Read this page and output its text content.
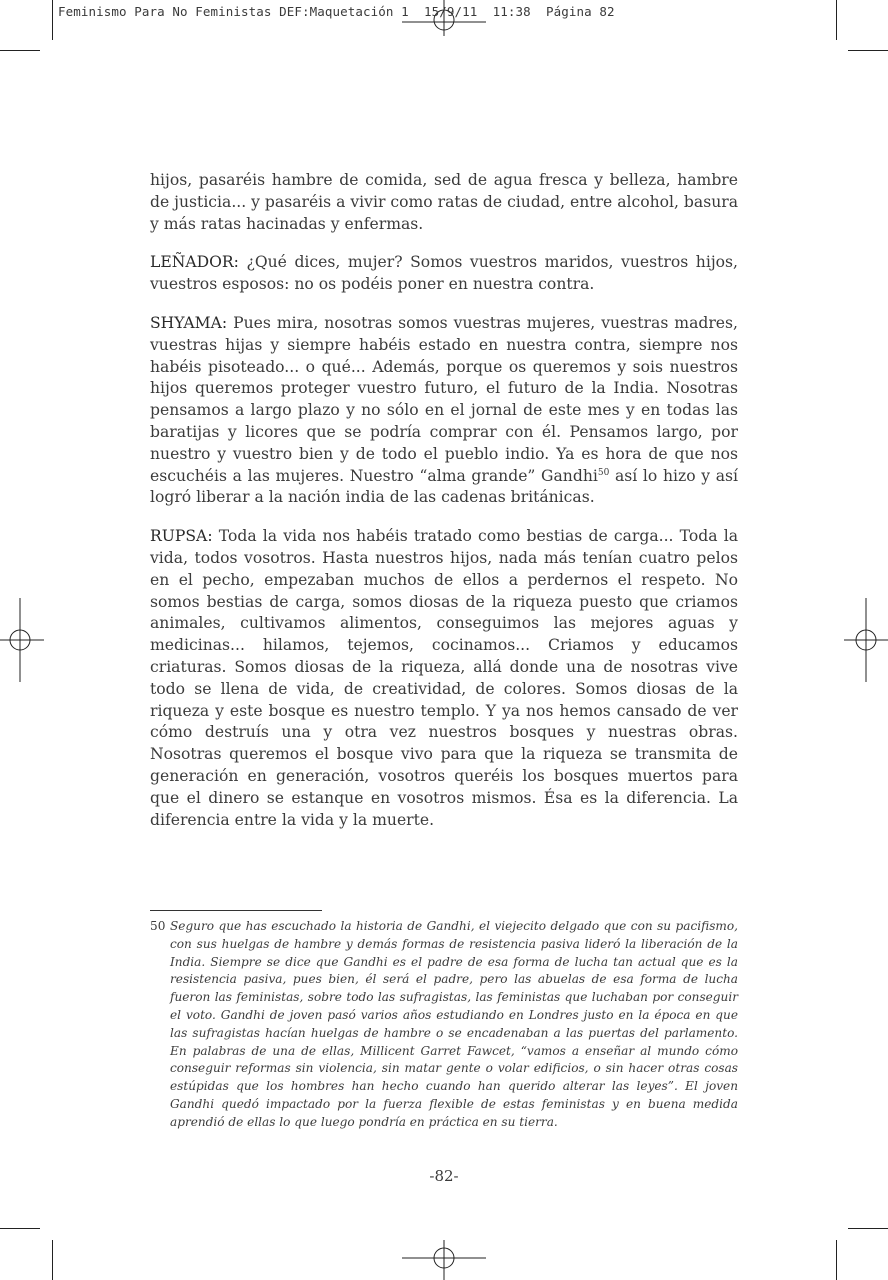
Feminismo Para No Feministas DEF:Maquetación 1  15/9/11  11:38  Página 82

hijos, pasaréis hambre de comida, sed de agua fresca y belleza, hambre de justicia... y pasaréis a vivir como ratas de ciudad, entre alcohol, basura y más ratas hacinadas y enfermas.

LEÑADOR: ¿Qué dices, mujer? Somos vuestros maridos, vuestros hijos, vuestros esposos: no os podéis poner en nuestra contra.

SHYAMA: Pues mira, nosotras somos vuestras mujeres, vuestras madres, vuestras hijas y siempre habéis estado en nuestra contra, siempre nos habéis pisoteado... o qué... Además, porque os queremos y sois nuestros hijos queremos proteger vuestro futuro, el futuro de la India. Nosotras pensamos a largo plazo y no sólo en el jornal de este mes y en todas las baratijas y licores que se podría comprar con él. Pensamos largo, por nuestro y vuestro bien y de todo el pueblo indio. Ya es hora de que nos escuchéis a las mujeres. Nuestro “alma grande” Gandhi$^{50}$ así lo hizo y así logró liberar a la nación india de las cadenas británicas.

RUPSA: Toda la vida nos habéis tratado como bestias de carga... Toda la vida, todos vosotros. Hasta nuestros hijos, nada más tenían cuatro pelos en el pecho, empezaban muchos de ellos a perdernos el respeto. No somos bestias de carga, somos diosas de la riqueza puesto que criamos animales, cultivamos alimentos, conseguimos las mejores aguas y medicinas... hilamos, tejemos, cocinamos... Criamos y educamos criaturas. Somos diosas de la riqueza, allá donde una de nosotras vive todo se llena de vida, de creatividad, de colores. Somos diosas de la riqueza y este bosque es nuestro templo. Y ya nos hemos cansado de ver cómo destruís una y otra vez nuestros bosques y nuestras obras. Nosotras queremos el bosque vivo para que la riqueza se transmita de generación en generación, vosotros queréis los bosques muertos para que el dinero se estanque en vosotros mismos. Ésa es la diferencia. La diferencia entre la vida y la muerte.

50 Seguro que has escuchado la historia de Gandhi, el viejecito delgado que con su pacifismo, con sus huelgas de hambre y demás formas de resistencia pasiva lideró la liberación de la India. Siempre se dice que Gandhi es el padre de esa forma de lucha tan actual que es la resistencia pasiva, pues bien, él será el padre, pero las abuelas de esa forma de lucha fueron las feministas, sobre todo las sufragistas, las feministas que luchaban por conseguir el voto. Gandhi de joven pasó varios años estudiando en Londres justo en la época en que las sufragistas hacían huelgas de hambre o se encadenaban a las puertas del parlamento. En palabras de una de ellas, Millicent Garret Fawcet, “vamos a enseñar al mundo cómo conseguir reformas sin violencia, sin matar gente o volar edificios, o sin hacer otras cosas estúpidas que los hombres han hecho cuando han querido alterar las leyes”. El joven Gandhi quedó impactado por la fuerza flexible de estas feministas y en buena medida aprendió de ellas lo que luego pondría en práctica en su tierra.
-82-
